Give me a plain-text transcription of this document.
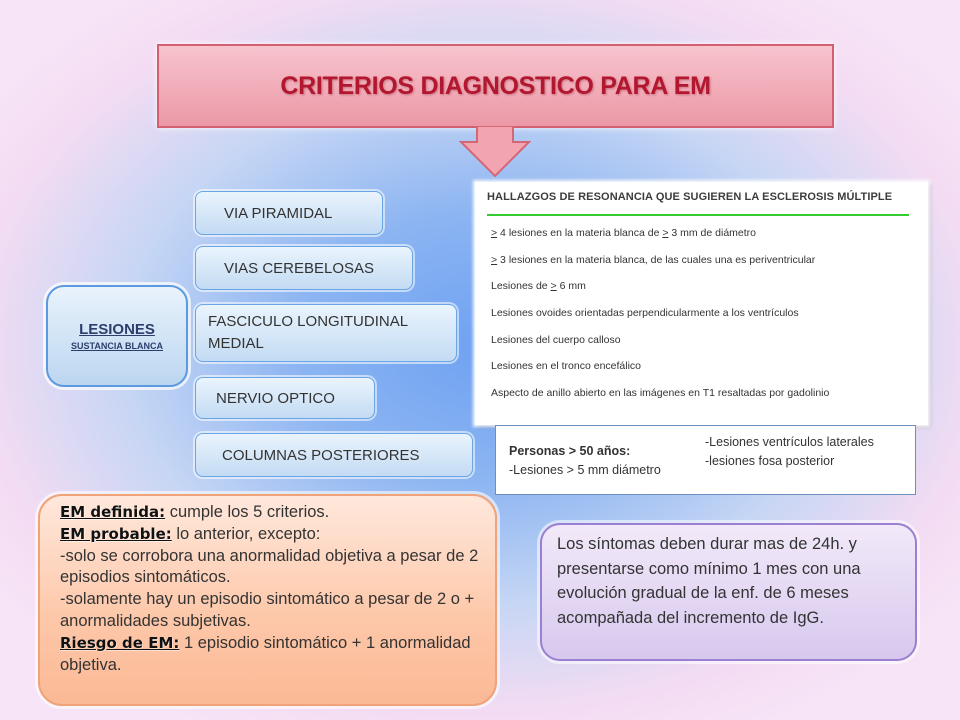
CRITERIOS DIAGNOSTICO PARA EM
LESIONES
SUSTANCIA BLANCA
VIA PIRAMIDAL
VIAS CEREBELOSAS
FASCICULO LONGITUDINAL
MEDIAL
NERVIO OPTICO
COLUMNAS POSTERIORES
HALLAZGOS DE RESONANCIA QUE SUGIEREN LA ESCLEROSIS MÚLTIPLE
> 4 lesiones en la materia blanca de > 3 mm de diámetro
> 3 lesiones en la materia blanca, de las cuales una es periventricular
Lesiones de > 6 mm
Lesiones ovoides orientadas perpendicularmente a los ventrículos
Lesiones del cuerpo calloso
Lesiones en el tronco encefálico
Aspecto de anillo abierto en las imágenes en T1 resaltadas por gadolinio
Personas > 50 años:
-Lesiones > 5 mm diámetro
-Lesiones ventrículos laterales
-lesiones fosa posterior

EM definida: cumple los 5 criterios.

EM probable: lo anterior, excepto:

-solo se corrobora una anormalidad objetiva a pesar de 2 episodios sintomáticos.

-solamente hay un episodio sintomático a pesar de 2 o + anormalidades subjetivas.

Riesgo de EM: 1 episodio sintomático + 1 anormalidad objetiva.

Los síntomas deben durar mas de 24h. y presentarse como mínimo 1 mes con una evolución gradual de la enf. de 6 meses acompañada del incremento de IgG.
